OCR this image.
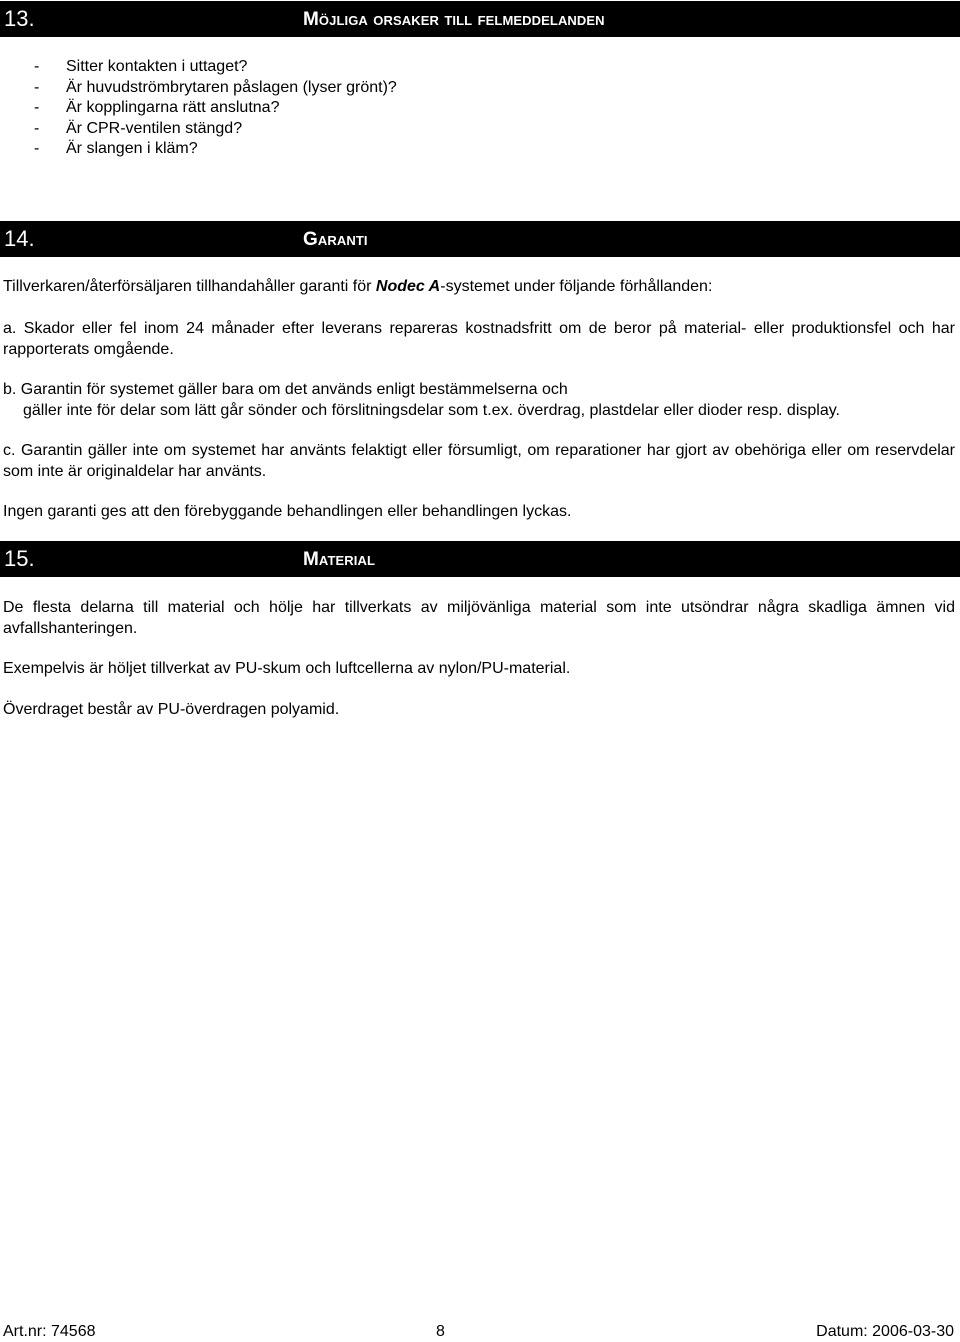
13.	Möjliga orsaker till felmeddelanden
- Sitter kontakten i uttaget?
- Är huvudströmbrytaren påslagen (lyser grönt)?
- Är kopplingarna rätt anslutna?
- Är CPR-ventilen stängd?
- Är slangen i kläm?
14.	Garanti
Tillverkaren/återförsäljaren tillhandahåller garanti för Nodec A-systemet under följande förhållanden:
a. Skador eller fel inom 24 månader efter leverans repareras kostnadsfritt om de beror på material- eller produktionsfel och har rapporterats omgående.
b. Garantin för systemet gäller bara om det används enligt bestämmelserna och
gäller inte för delar som lätt går sönder och förslitningsdelar som t.ex. överdrag, plastdelar eller dioder resp. display.
c. Garantin gäller inte om systemet har använts felaktigt eller försumligt, om reparationer har gjort av obehöriga eller om reservdelar som inte är originaldelar har använts.
Ingen garanti ges att den förebyggande behandlingen eller behandlingen lyckas.
15.	Material
De flesta delarna till material och hölje har tillverkats av miljövänliga material som inte utsöndrar några skadliga ämnen vid avfallshanteringen.
Exempelvis är höljet tillverkat av PU-skum och luftcellerna av nylon/PU-material.
Överdraget består av PU-överdragen polyamid.
Art.nr: 74568	8	Datum: 2006-03-30
